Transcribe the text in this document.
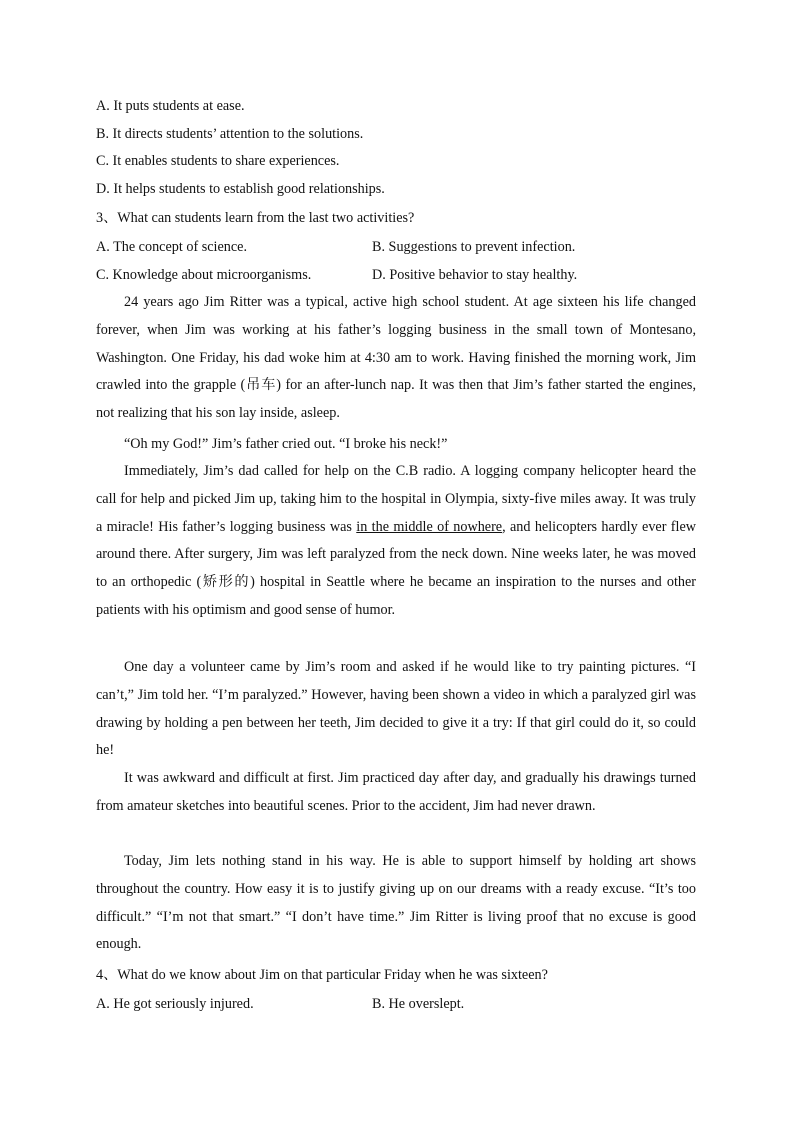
A. It puts students at ease.
B. It directs students’ attention to the solutions.
C. It enables students to share experiences.
D. It helps students to establish good relationships.
3、What can students learn from the last two activities?
A. The concept of science.	B. Suggestions to prevent infection.
C. Knowledge about microorganisms.	D. Positive behavior to stay healthy.
24 years ago Jim Ritter was a typical, active high school student. At age sixteen his life changed forever, when Jim was working at his father’s logging business in the small town of Montesano, Washington. One Friday, his dad woke him at 4:30 am to work. Having finished the morning work, Jim crawled into the grapple (吊车) for an after-lunch nap. It was then that Jim’s father started the engines, not realizing that his son lay inside, asleep.
“Oh my God!” Jim’s father cried out. “I broke his neck!”
Immediately, Jim’s dad called for help on the C.B radio. A logging company helicopter heard the call for help and picked Jim up, taking him to the hospital in Olympia, sixty-five miles away. It was truly a miracle! His father’s logging business was in the middle of nowhere, and helicopters hardly ever flew around there. After surgery, Jim was left paralyzed from the neck down. Nine weeks later, he was moved to an orthopedic (矫形的) hospital in Seattle where he became an inspiration to the nurses and other patients with his optimism and good sense of humor.
One day a volunteer came by Jim’s room and asked if he would like to try painting pictures. “I can’t,” Jim told her. “I’m paralyzed.” However, having been shown a video in which a paralyzed girl was drawing by holding a pen between her teeth, Jim decided to give it a try: If that girl could do it, so could he!
It was awkward and difficult at first. Jim practiced day after day, and gradually his drawings turned from amateur sketches into beautiful scenes. Prior to the accident, Jim had never drawn.
Today, Jim lets nothing stand in his way. He is able to support himself by holding art shows throughout the country. How easy it is to justify giving up on our dreams with a ready excuse. “It’s too difficult.” “I’m not that smart.” “I don’t have time.” Jim Ritter is living proof that no excuse is good enough.
4、What do we know about Jim on that particular Friday when he was sixteen?
A. He got seriously injured.	B. He overslept.
